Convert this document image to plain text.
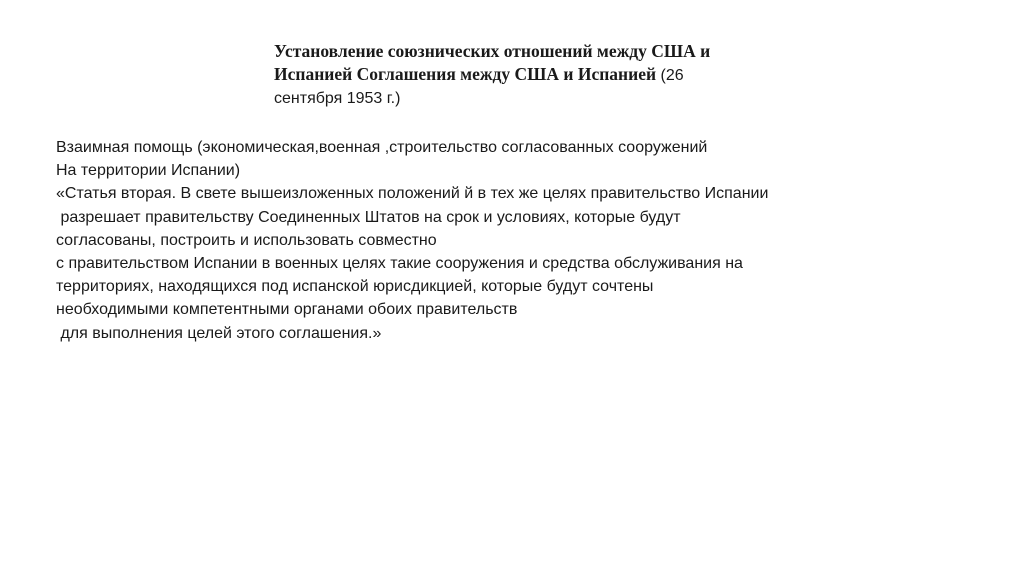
Установление союзнических отношений между США и
Испанией Соглашения между США и Испанией (26
сентября 1953 г.)
Взаимная помощь (экономическая,военная ,строительство согласованных сооружений
На территории Испании)
«Статья вторая. В свете вышеизложенных положений й в тех же целях правительство Испании
разрешает правительству Соединенных Штатов на срок и условиях, которые будут
согласованы, построить и использовать совместно
с правительством Испании в военных целях такие сооружения и средства обслуживания на
территориях, находящихся под испанской юрисдикцией, которые будут сочтены
необходимыми компетентными органами обоих правительств
для выполнения целей этого соглашения.»
